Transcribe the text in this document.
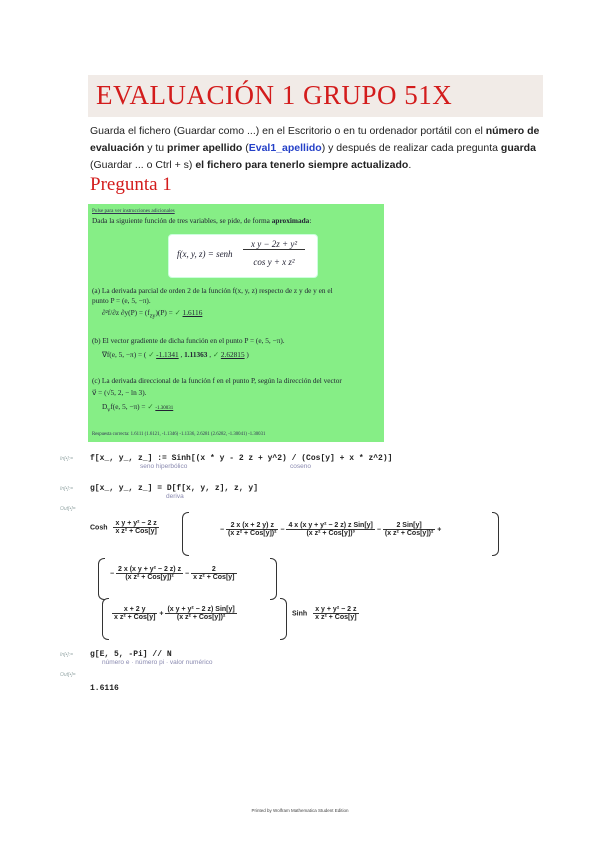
EVALUACIÓN 1 GRUPO 51X
Guarda el fichero (Guardar como ...) en el Escritorio o en tu ordenador portátil con el número de evaluación y tu primer apellido (Eval1_apellido) y después de realizar cada pregunta guarda (Guardar ... o Ctrl + s) el fichero para tenerlo siempre actualizado.
Pregunta 1
Pulse para ver instrucciones adicionales
Dada la siguiente función de tres variables, se pide, de forma aproximada:
f(x, y, z) = senh
x y − 2z + y²
cos y + x z²
(a) La derivada parcial de orden 2 de la función f(x, y, z) respecto de z y de y en el
punto P = (e, 5, −π).
∂²f/∂z $\partial y(P) = (f_{zy})(P)$ = ✓ 1.6116
(b) El vector gradiente de dicha función en el punto P = (e, 5, −π).
∇f(e, 5, −π) = ( ✓ -1.1341 , 1.11363 , ✓ 2.62815 )
(c) La derivada direccional de la función f en el punto P, según la dirección del vector
v⃗ = (√5, 2, − ln 3).
$D_vf(e$, 5, −π) = ✓ -1.30031
Respuesta correcta: 1.6111 (1.6121, -1.1346) -1.1336, 2.6281 (2.6282, -1.30041) -1.30031
In[•]:= f[x_, y_, z_] := Sinh[(x * y - 2 z + y^2) / (Cos[y] + x * z^2)]
seno hiperbólico	coseno
In[•]:= g[x_, y_, z_] = D[f[x, y, z], z, y]
deriva
Out[•]=
Cosh $\frac{\text{x y + y² − 2 z}}{\text{x z² + Cos[y]}}$	− $\frac{2 x (x + 2 y) z}{\text{(x z² + Cos[y])²}} - \frac{\text{4 x (x y + y² − 2 z) z Sin[y]}}{\text{(x z² + Cos[y])³}} - \frac{\text{2 Sin[y]}}{\text{(x z² + Cos[y])²}}$ +
− $\frac{\text{2 x (x y + y² − 2 z) z}}{\text{(x z² + Cos[y])²}} - \frac{2}{\text{x z² + Cos[y]}}$
$\frac{x + 2 y}{\text{x z² + Cos[y]}} + \frac{\text{(x y + y² − 2 z) Sin[y]}}{\text{(x z² + Cos[y])²}}$	Sinh $\frac{\text{x y + y² − 2 z}}{\text{x z² + Cos[y]}}$
In[•]:= g[E, 5, -Pi] // N
número e · número pi · valor numérico
Out[•]=
1.6116
Printed by Wolfram Mathematica Student Edition
